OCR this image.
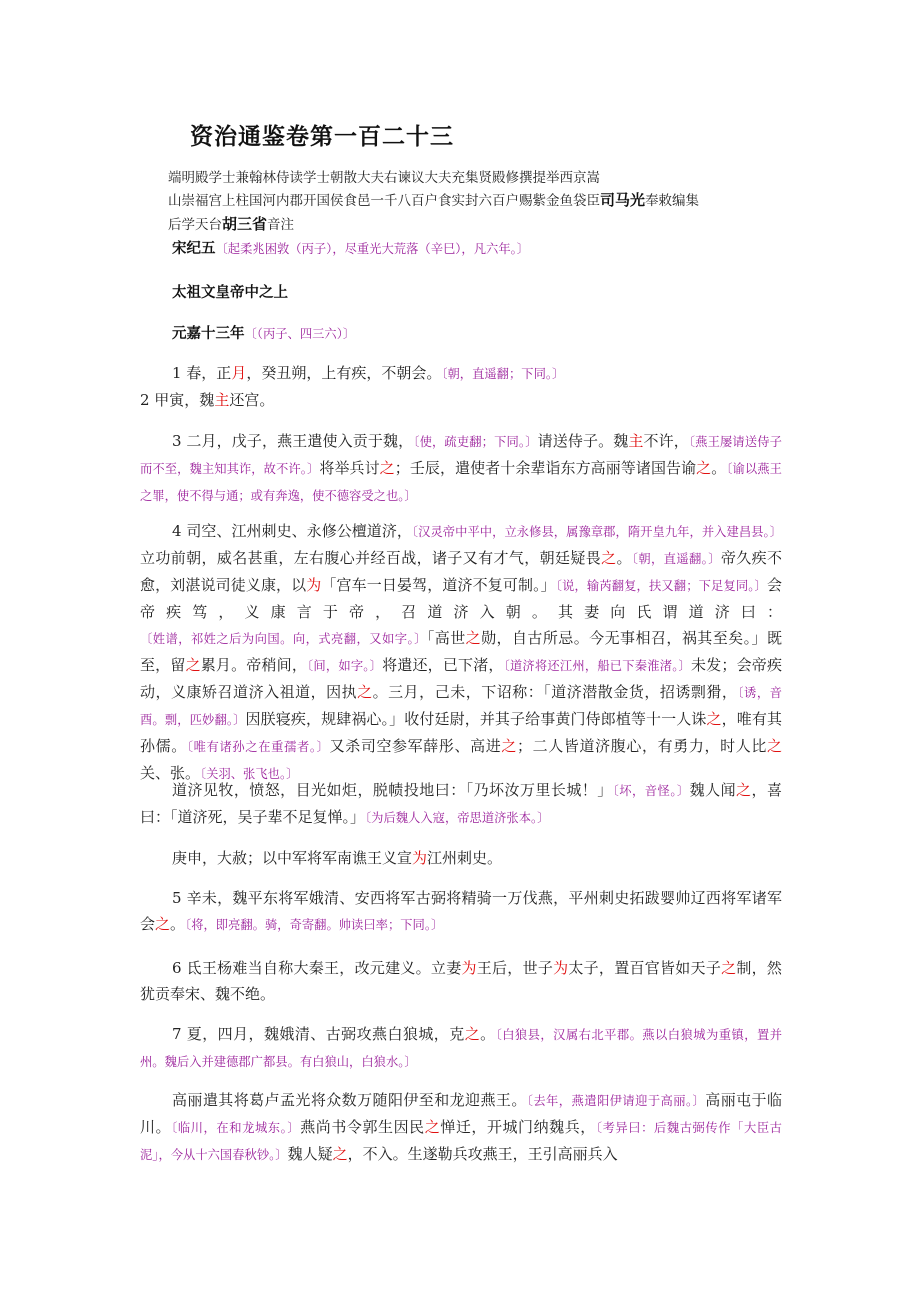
资治通鉴卷第一百二十三
端明殿学士兼翰林侍读学士朝散大夫右谏议大夫充集贤殿修撰提举西京嵩
山崇福宫上柱国河内郡开国侯食邑一千八百户食实封六百户赐紫金鱼袋臣司马光奉敕编集
后学天台胡三省音注
宋纪五〔起柔兆困敦（丙子），尽重光大荒落（辛巳），凡六年。〕
太祖文皇帝中之上
元嘉十三年〔（丙子、四三六）〕
1 春，正月，癸丑朔，上有疾，不朝会。〔朝，直遥翻；下同。〕
2 甲寅，魏主还宫。
3 二月，戊子，燕王遣使入贡于魏，〔使，疏吏翻；下同。〕请送侍子。魏主不许，〔燕王屡请送侍子而不至，魏主知其诈，故不许。〕将举兵讨之；壬辰，遣使者十余辈诣东方高丽等诸国告谕之。〔谕以燕王之罪，使不得与通；或有奔逸，使不德容受之也。〕
4 司空、江州刺史、永修公檀道济，〔汉灵帝中平中，立永修县，属豫章郡，隋开皇九年，并入建昌县。〕立功前朝，威名甚重，左右腹心并经百战，诸子又有才气，朝廷疑畏之。〔朝，直遥翻。〕帝久疾不愈，刘湛说司徒义康，以为「宫车一日晏驾，道济不复可制。」〔说，输芮翻复，扶又翻；下足复同。〕会帝疾笃，义康言于帝，召道济入朝。其妻向氏谓道济曰：〔姓谱，祁姓之后为向国。向，式亮翻，又如字。〕「高世之勋，自古所忌。今无事相召，祸其至矣。」既至，留之累月。帝稍间，〔间，如字。〕将遣还，已下渚，〔道济将还江州，船已下秦淮渚。〕未发；会帝疾动，义康矫召道济入祖道，因执之。三月，己未，下诏称：「道济潜散金货，招诱剽猾，〔诱，音酉。剽，匹妙翻。〕因朕寝疾，规肆祸心。」收付廷尉，并其子给事黄门侍郎植等十一人诛之，唯有其孙儒。〔唯有诸孙之在重孺者。〕又杀司空参军薛彤、高进之；二人皆道济腹心，有勇力，时人比之关、张。〔关羽、张飞也。〕
道济见牧，愤怒，目光如炬，脱帻投地曰：「乃坏汝万里长城！」〔坏，音怪。〕魏人闻之，喜曰：「道济死，吴子辈不足复惮。」〔为后魏人入寇，帝思道济张本。〕
庚申，大赦；以中军将军南谯王义宣为江州刺史。
5 辛未，魏平东将军娥清、安西将军古弼将精骑一万伐燕，平州刺史拓跋婴帅辽西将军诸军会之。〔将，即亮翻。骑，奇寄翻。帅读曰率；下同。〕
6 氐王杨难当自称大秦王，改元建义。立妻为王后，世子为太子，置百官皆如天子之制，然犹贡奉宋、魏不绝。
7 夏，四月，魏娥清、古弼攻燕白狼城，克之。〔白狼县，汉属右北平郡。燕以白狼城为重镇，置并州。魏后入并建德郡广都县。有白狼山，白狼水。〕
高丽遣其将葛卢孟光将众数万随阳伊至和龙迎燕王。〔去年，燕遣阳伊请迎于高丽。〕高丽屯于临川。〔临川，在和龙城东。〕燕尚书令郭生因民之惮迁，开城门纳魏兵，〔考异曰：后魏古弼传作「大臣古泥」，今从十六国春秋钞。〕魏人疑之，不入。生遂勒兵攻燕王，王引高丽兵入
